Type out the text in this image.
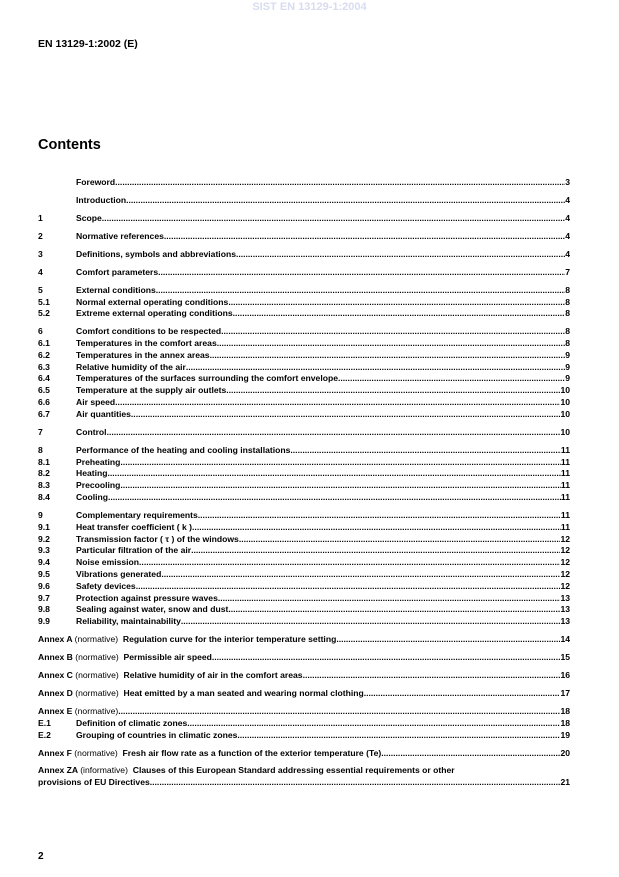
SIST EN 13129-1:2004
EN 13129-1:2002 (E)
Contents
Foreword .....	3
Introduction .....	4
1	Scope .....	4
2	Normative references .....	4
3	Definitions, symbols and abbreviations .....	4
4	Comfort parameters .....	7
5	External conditions .....	8
5.1	Normal external operating conditions .....	8
5.2	Extreme external operating conditions .....	8
6	Comfort conditions to be respected .....	8
6.1	Temperatures in the comfort areas .....	8
6.2	Temperatures in the annex areas .....	9
6.3	Relative humidity of the air .....	9
6.4	Temperatures of the surfaces surrounding the comfort envelope .....	9
6.5	Temperature at the supply air outlets .....	10
6.6	Air speed .....	10
6.7	Air quantities .....	10
7	Control .....	10
8	Performance of the heating and cooling installations .....	11
8.1	Preheating .....	11
8.2	Heating .....	11
8.3	Precooling .....	11
8.4	Cooling .....	11
9	Complementary requirements .....	11
9.1	Heat transfer coefficient ( k ) .....	11
9.2	Transmission factor ( τ ) of the windows .....	12
9.3	Particular filtration of the air .....	12
9.4	Noise emission .....	12
9.5	Vibrations generated .....	12
9.6	Safety devices .....	12
9.7	Protection against pressure waves .....	13
9.8	Sealing against water, snow and dust .....	13
9.9	Reliability, maintainability .....	13
Annex A (normative) Regulation curve for the interior temperature setting .....	14
Annex B (normative) Permissible air speed .....	15
Annex C (normative) Relative humidity of air in the comfort areas .....	16
Annex D (normative) Heat emitted by a man seated and wearing normal clothing .....	17
Annex E (normative) .....	18
E.1	Definition of climatic zones .....	18
E.2	Grouping of countries in climatic zones .....	19
Annex F (normative) Fresh air flow rate as a function of the exterior temperature (Te) .....	20
Annex ZA (informative) Clauses of this European Standard addressing essential requirements or other
provisions of EU Directives .....	21
2
